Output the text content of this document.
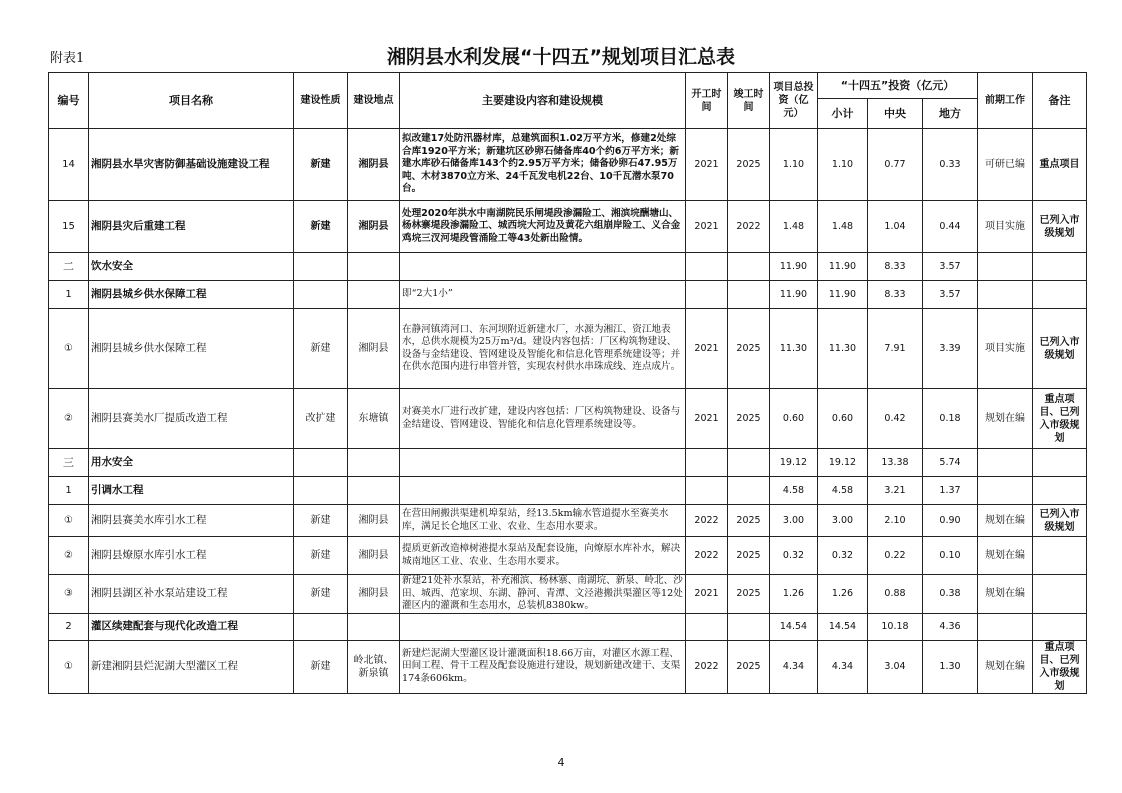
附表1	湘阴县水利发展“十四五”规划项目汇总表
编号	项目名称	建设性质	建设地点	主要建设内容和建设规模	开工时间	竣工时间	项目总投资（亿元）	“十四五”投资（亿元）			前期工作	备注
								小计	中央	地方		
14	湘阴县水旱灾害防御基础设施建设工程	新建	湘阴县	拟改建17处防汛器材库，总建筑面积1.02万平方米，修建2处综合库1920平方米；新建坑区砂卵石储备库40个约6万平方米；新建水库砂石储备库143个约2.95万平方米；储备砂卵石47.95万吨、木材3870立方米、24千瓦发电机22台、10千瓦潜水泵70台。	2021	2025	1.10	1.10	0.77	0.33	可研已编	重点项目
15	湘阴县灾后重建工程	新建	湘阴县	处理2020年洪水中南湖院民乐闸堤段渗漏险工、湘滨垸酬塘山、杨林寨堤段渗漏险工、城西垸大河边及黄花六组崩岸险工、义合金鸡垸三汊河堤段管涌险工等43处新出险情。	2021	2022	1.48	1.48	1.04	0.44	项目实施	已列入市级规划
二	饮水安全						11.90	11.90	8.33	3.57		
1	湘阴县城乡供水保障工程			即“2大1小”			11.90	11.90	8.33	3.57		
①	湘阴县城乡供水保障工程	新建	湘阴县	在静河镇湾河口、东河坝附近新建水厂，水源为湘江、资江地表水，总供水规模为25万m³/d。建设内容包括：厂区构筑物建设、设备与金结建设、管网建设及智能化和信息化管理系统建设等；并在供水范围内进行串管并管，实现农村供水串珠成线、连点成片。	2021	2025	11.30	11.30	7.91	3.39	项目实施	已列入市级规划
②	湘阴县赛美水厂提质改造工程	改扩建	东塘镇	对赛美水厂进行改扩建，建设内容包括：厂区构筑物建设、设备与金结建设、管网建设、智能化和信息化管理系统建设等。	2021	2025	0.60	0.60	0.42	0.18	规划在编	重点项目、已列入市级规划
三	用水安全						19.12	19.12	13.38	5.74		
1	引调水工程						4.58	4.58	3.21	1.37		
①	湘阴县赛美水库引水工程	新建	湘阴县	在营田闸搬洪渠建机埠泵站，经13.5km输水管道提水至赛美水库，满足长仑地区工业、农业、生态用水要求。	2022	2025	3.00	3.00	2.10	0.90	规划在编	已列入市级规划
②	湘阴县燎原水库引水工程	新建	湘阴县	提质更新改造樟树港提水泵站及配套设施，向燎原水库补水，解决城南地区工业、农业、生态用水要求。	2022	2025	0.32	0.32	0.22	0.10	规划在编	
③	湘阴县湖区补水泵站建设工程	新建	湘阴县	新建21处补水泵站，补充湘滨、杨林寨、南湖垸、新泉、岭北、沙田、城西、范家坝、东湖、静河、青潭、文泾港搬洪渠灌区等12处灌区内的灌溉和生态用水，总装机8380kw。	2021	2025	1.26	1.26	0.88	0.38	规划在编	
2	灌区续建配套与现代化改造工程						14.54	14.54	10.18	4.36		
①	新建湘阴县烂泥湖大型灌区工程	新建	岭北镇、新泉镇	新建烂泥湖大型灌区设计灌溉面积18.66万亩，对灌区水源工程、田间工程、骨干工程及配套设施进行建设，规划新建改建干、支渠174条606km。	2022	2025	4.34	4.34	3.04	1.30	规划在编	重点项目、已列入市级规划
4
